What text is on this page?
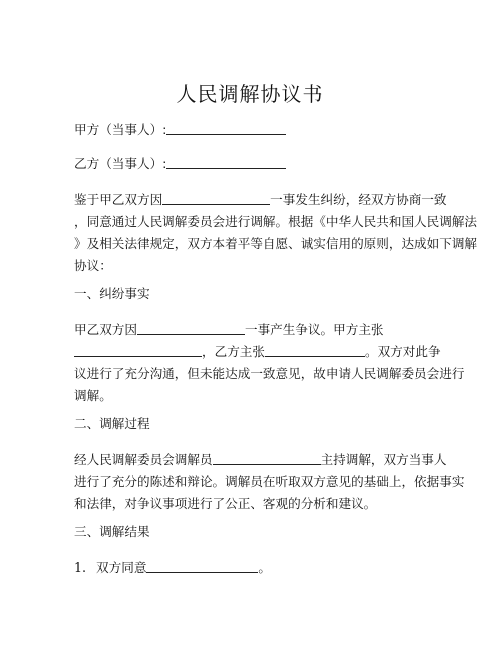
人民调解协议书
甲方（当事人）:
乙方（当事人）:
鉴于甲乙双方因	一事发生纠纷，经双方协商一致
，同意通过人民调解委员会进行调解。根据《中华人民共和国人民调解法
》及相关法律规定，双方本着平等自愿、诚实信用的原则，达成如下调解
协议：
一、纠纷事实
甲乙双方因	一事产生争议。甲方主张
，乙方主张	。双方对此争
议进行了充分沟通，但未能达成一致意见，故申请人民调解委员会进行
调解。
二、调解过程
经人民调解委员会调解员	主持调解，双方当事人
进行了充分的陈述和辩论。调解员在听取双方意见的基础上，依据事实
和法律，对争议事项进行了公正、客观的分析和建议。
三、调解结果
1. 双方同意	。
